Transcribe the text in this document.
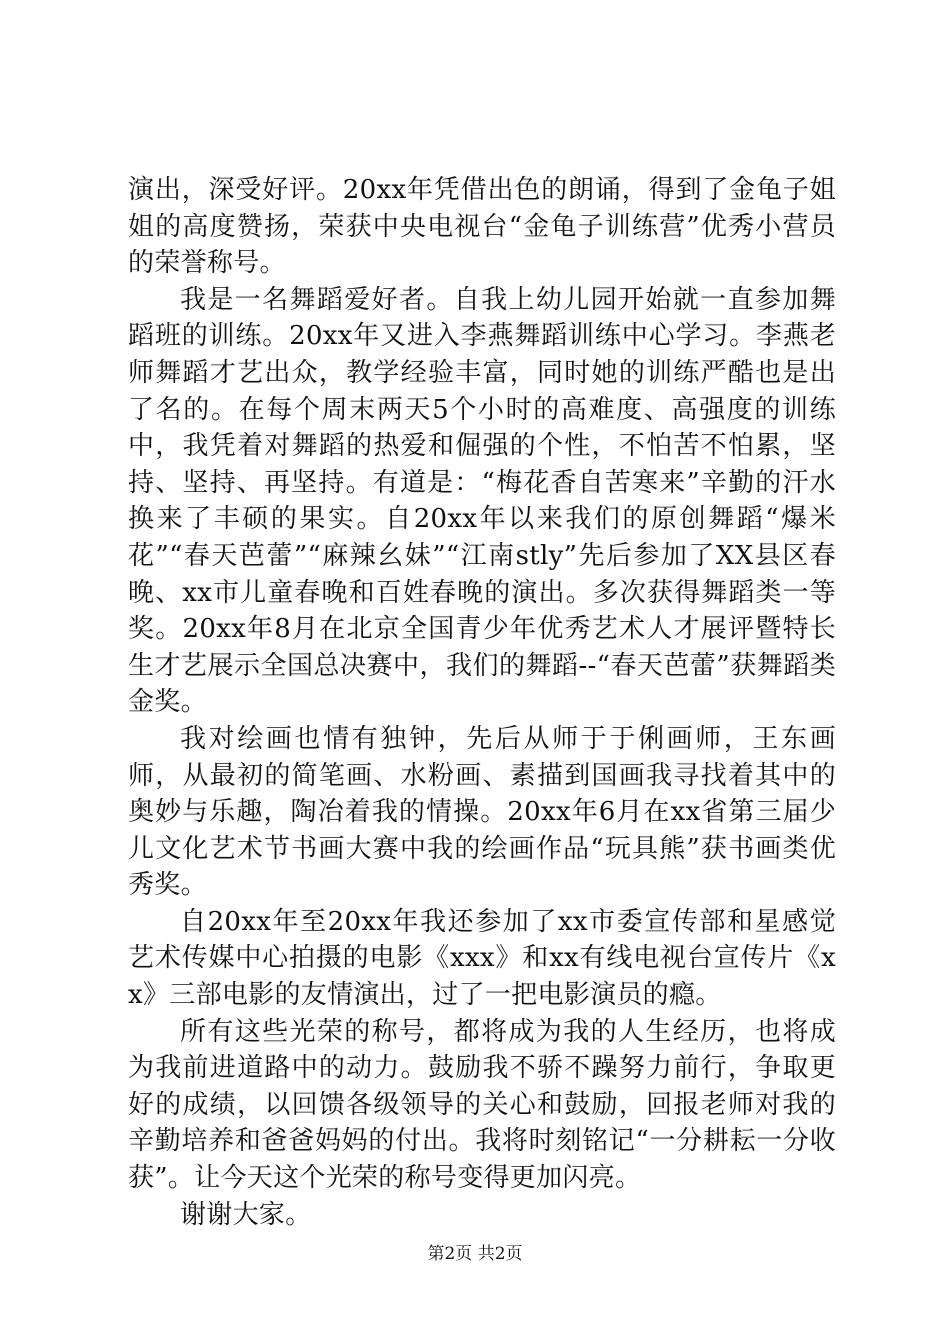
演出，深受好评。20xx年凭借出色的朗诵，得到了金龟子姐姐的高度赞扬，荣获中央电视台“金龟子训练营”优秀小营员的荣誉称号。

我是一名舞蹈爱好者。自我上幼儿园开始就一直参加舞蹈班的训练。20xx年又进入李燕舞蹈训练中心学习。李燕老师舞蹈才艺出众，教学经验丰富，同时她的训练严酷也是出了名的。在每个周末两天5个小时的高难度、高强度的训练中，我凭着对舞蹈的热爱和倔强的个性，不怕苦不怕累，坚持、坚持、再坚持。有道是：“梅花香自苦寒来”辛勤的汗水换来了丰硕的果实。自20xx年以来我们的原创舞蹈“爆米花”“春天芭蕾”“麻辣幺妹”“江南stly”先后参加了XX县区春晚、xx市儿童春晚和百姓春晚的演出。多次获得舞蹈类一等奖。20xx年8月在北京全国青少年优秀艺术人才展评暨特长生才艺展示全国总决赛中，我们的舞蹈--“春天芭蕾”获舞蹈类金奖。

我对绘画也情有独钟，先后从师于于俐画师，王东画师，从最初的简笔画、水粉画、素描到国画我寻找着其中的奥妙与乐趣，陶冶着我的情操。20xx年6月在xx省第三届少儿文化艺术节书画大赛中我的绘画作品“玩具熊”获书画类优秀奖。

自20xx年至20xx年我还参加了xx市委宣传部和星感觉艺术传媒中心拍摄的电影《xxx》和xx有线电视台宣传片《xx》三部电影的友情演出，过了一把电影演员的瘾。

所有这些光荣的称号，都将成为我的人生经历，也将成为我前进道路中的动力。鼓励我不骄不躁努力前行，争取更好的成绩，以回馈各级领导的关心和鼓励，回报老师对我的辛勤培养和爸爸妈妈的付出。我将时刻铭记“一分耕耘一分收获”。让今天这个光荣的称号变得更加闪亮。

谢谢大家。

第2页 共2页
